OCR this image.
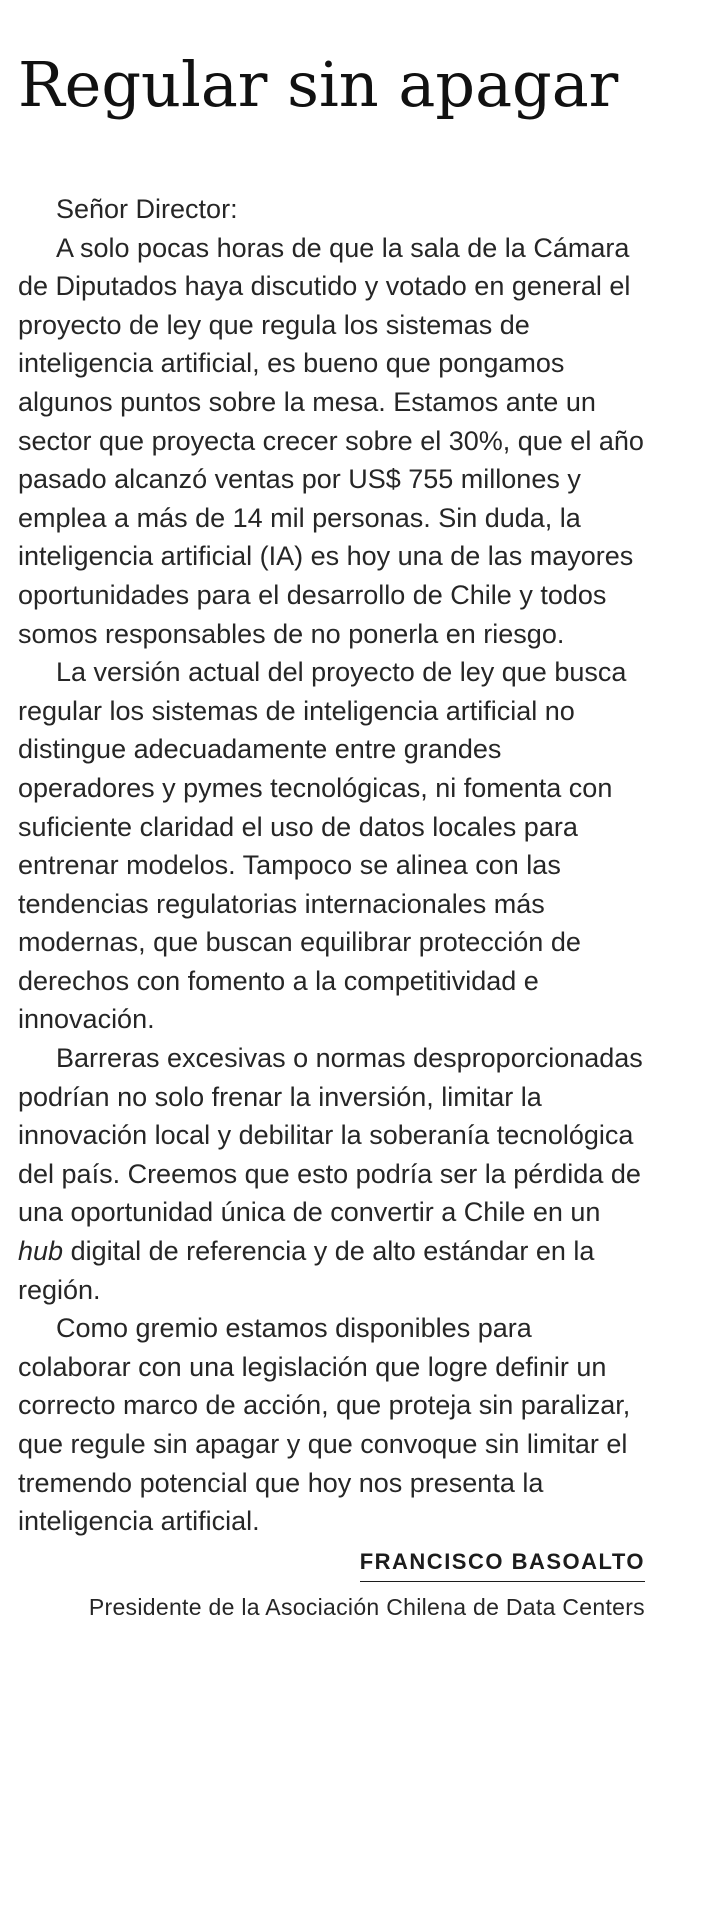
Regular sin apagar

Señor Director:

A solo pocas horas de que la sala de la Cámara de Diputados haya discutido y votado en general el proyecto de ley que regula los sistemas de inteligencia artificial, es bueno que pongamos algunos puntos sobre la mesa. Estamos ante un sector que proyecta crecer sobre el 30%, que el año pasado alcanzó ventas por US$ 755 millones y emplea a más de 14 mil personas. Sin duda, la inteligencia artificial (IA) es hoy una de las mayores oportunidades para el desarrollo de Chile y todos somos responsables de no ponerla en riesgo.

La versión actual del proyecto de ley que busca regular los sistemas de inteligencia artificial no distingue adecuadamente entre grandes operadores y pymes tecnológicas, ni fomenta con suficiente claridad el uso de datos locales para entrenar modelos. Tampoco se alinea con las tendencias regulatorias internacionales más modernas, que buscan equilibrar protección de derechos con fomento a la competitividad e innovación.

Barreras excesivas o normas desproporcionadas podrían no solo frenar la inversión, limitar la innovación local y debilitar la soberanía tecnológica del país. Creemos que esto podría ser la pérdida de una oportunidad única de convertir a Chile en un hub digital de referencia y de alto estándar en la región.

Como gremio estamos disponibles para colaborar con una legislación que logre definir un correcto marco de acción, que proteja sin paralizar, que regule sin apagar y que convoque sin limitar el tremendo potencial que hoy nos presenta la inteligencia artificial.

FRANCISCO BASOALTO
Presidente de la Asociación Chilena de Data Centers
